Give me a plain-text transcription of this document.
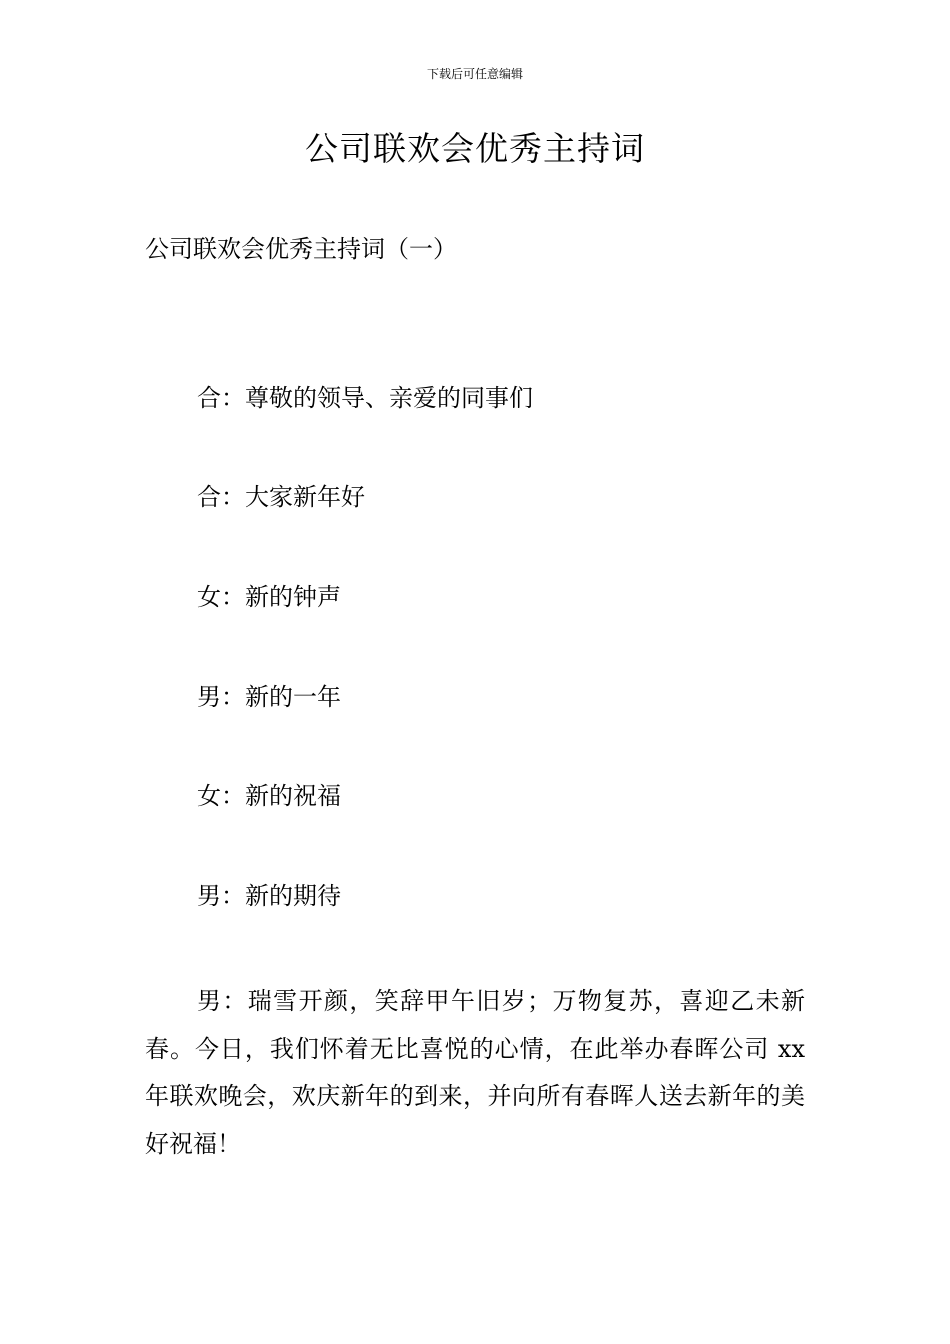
下载后可任意编辑
公司联欢会优秀主持词
公司联欢会优秀主持词（一）
合：尊敬的领导、亲爱的同事们
合：大家新年好
女：新的钟声
男：新的一年
女：新的祝福
男：新的期待

男：瑞雪开颜，笑辞甲午旧岁；万物复苏，喜迎乙未新春。今日，我们怀着无比喜悦的心情，在此举办春晖公司 xx 年联欢晚会，欢庆新年的到来，并向所有春晖人送去新年的美好祝福！
